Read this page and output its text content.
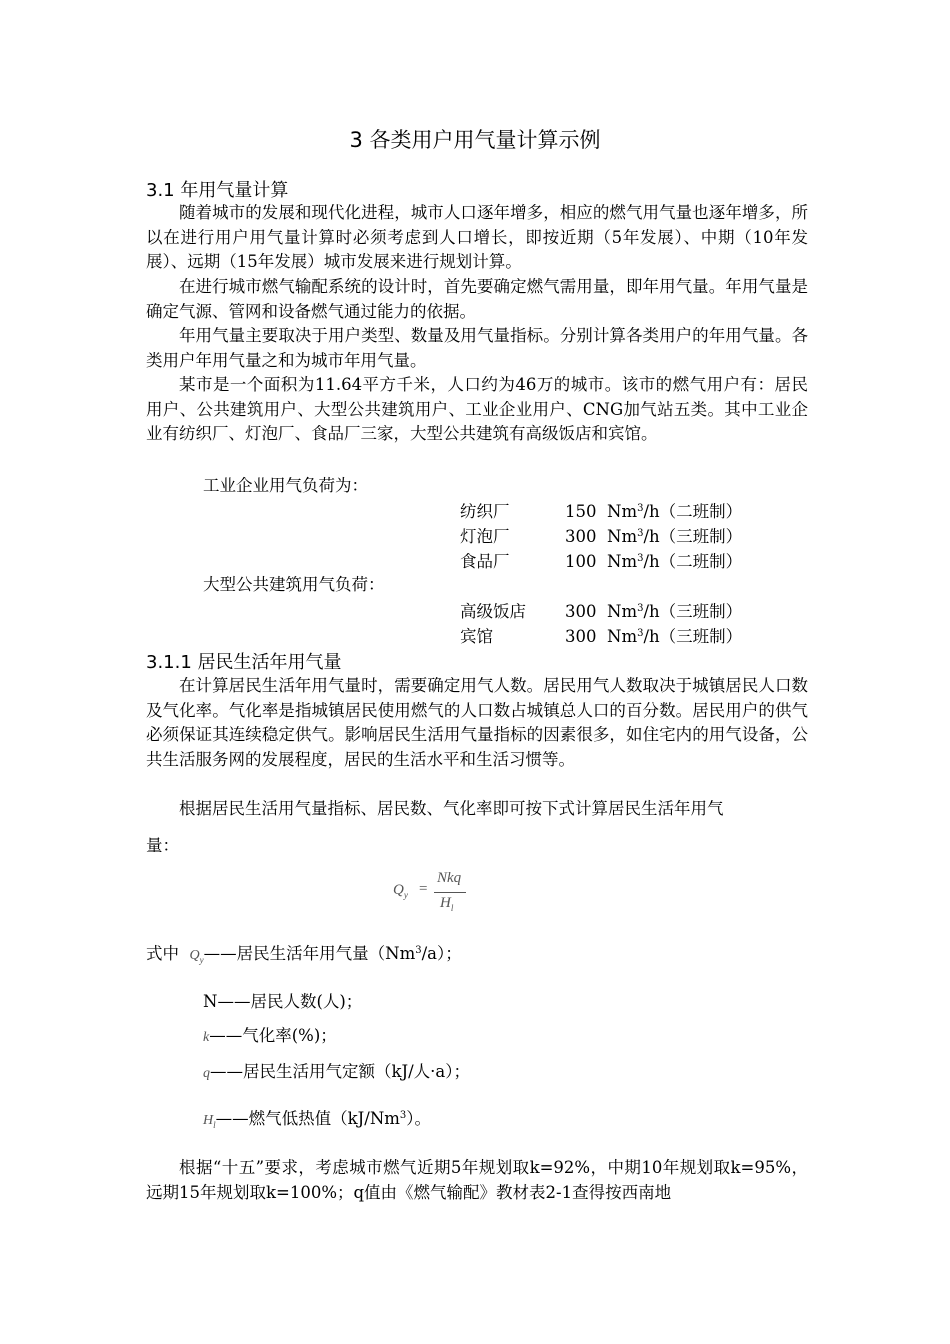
3 各类用户用气量计算示例
3.1 年用气量计算

随着城市的发展和现代化进程，城市人口逐年增多，相应的燃气用气量也逐年增多，所以在进行用户用气量计算时必须考虑到人口增长，即按近期（5年发展）、中期（10年发展）、远期（15年发展）城市发展来进行规划计算。

在进行城市燃气输配系统的设计时，首先要确定燃气需用量，即年用气量。年用气量是确定气源、管网和设备燃气通过能力的依据。

年用气量主要取决于用户类型、数量及用气量指标。分别计算各类用户的年用气量。各类用户年用气量之和为城市年用气量。

某市是一个面积为11.64平方千米，人口约为46万的城市。该市的燃气用户有：居民用户、公共建筑用户、大型公共建筑用户、工业企业用户、CNG加气站五类。其中工业企业有纺织厂、灯泡厂、食品厂三家，大型公共建筑有高级饭店和宾馆。

工业企业用气负荷为：
纺织厂	150 Nm$^3$/h（二班制）
灯泡厂	300 Nm$^3$/h（三班制）
食品厂	100 Nm$^3$/h（二班制）
大型公共建筑用气负荷：
高级饭店 300 Nm$^3$/h（三班制）
宾馆	300 Nm$^3$/h（三班制）
3.1.1 居民生活年用气量

在计算居民生活年用气量时，需要确定用气人数。居民用气人数取决于城镇居民人口数及气化率。气化率是指城镇居民使用燃气的人口数占城镇总人口的百分数。居民用户的供气必须保证其连续稳定供气。影响居民生活用气量指标的因素很多，如住宅内的用气设备，公共生活服务网的发展程度，居民的生活水平和生活习惯等。

根据居民生活用气量指标、居民数、气化率即可按下式计算居民生活年用气

量：
$Q_y$ =
Nkq
$H_l$
式中 $Q_y——$居民生活年用气量（Nm$^3$/a）；
N——居民人数(人)；
k——气化率(%)；
q——居民生活用气定额（kJ/人·a）；
$H_l——$燃气低热值（kJ/Nm$^3$）。

根据“十五”要求，考虑城市燃气近期5年规划取k=92%，中期10年规划取k=95%，远期15年规划取k=100%；q值由《燃气输配》教材表2-1查得按西南地
